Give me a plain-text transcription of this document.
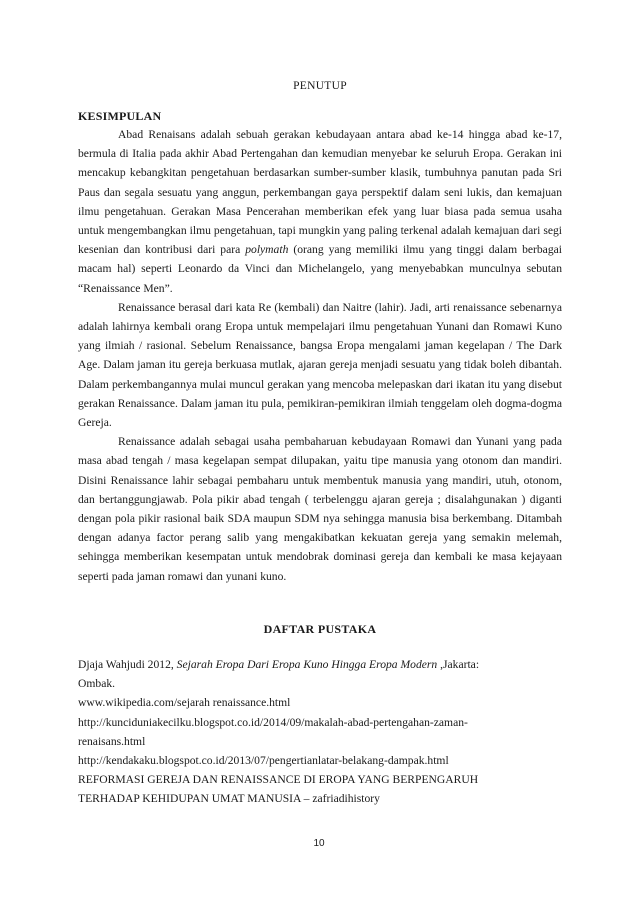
PENUTUP
KESIMPULAN

Abad Renaisans adalah sebuah gerakan kebudayaan antara abad ke-14 hingga abad ke-17, bermula di Italia pada akhir Abad Pertengahan dan kemudian menyebar ke seluruh Eropa. Gerakan ini mencakup kebangkitan pengetahuan berdasarkan sumber-sumber klasik, tumbuhnya panutan pada Sri Paus dan segala sesuatu yang anggun, perkembangan gaya perspektif dalam seni lukis, dan kemajuan ilmu pengetahuan. Gerakan Masa Pencerahan memberikan efek yang luar biasa pada semua usaha untuk mengembangkan ilmu pengetahuan, tapi mungkin yang paling terkenal adalah kemajuan dari segi kesenian dan kontribusi dari para polymath (orang yang memiliki ilmu yang tinggi dalam berbagai macam hal) seperti Leonardo da Vinci dan Michelangelo, yang menyebabkan munculnya sebutan “Renaissance Men”.

Renaissance berasal dari kata Re (kembali) dan Naitre (lahir). Jadi, arti renaissance sebenarnya adalah lahirnya kembali orang Eropa untuk mempelajari ilmu pengetahuan Yunani dan Romawi Kuno yang ilmiah / rasional. Sebelum Renaissance, bangsa Eropa mengalami jaman kegelapan / The Dark Age. Dalam jaman itu gereja berkuasa mutlak, ajaran gereja menjadi sesuatu yang tidak boleh dibantah. Dalam perkembangannya mulai muncul gerakan yang mencoba melepaskan dari ikatan itu yang disebut gerakan Renaissance. Dalam jaman itu pula, pemikiran-pemikiran ilmiah tenggelam oleh dogma-dogma Gereja.

Renaissance adalah sebagai usaha pembaharuan kebudayaan Romawi dan Yunani yang pada masa abad tengah / masa kegelapan sempat dilupakan, yaitu tipe manusia yang otonom dan mandiri. Disini Renaissance lahir sebagai pembaharu untuk membentuk manusia yang mandiri, utuh, otonom, dan bertanggungjawab. Pola pikir abad tengah ( terbelenggu ajaran gereja ; disalahgunakan ) diganti dengan pola pikir rasional baik SDA maupun SDM nya sehingga manusia bisa berkembang. Ditambah dengan adanya factor perang salib yang mengakibatkan kekuatan gereja yang semakin melemah, sehingga memberikan kesempatan untuk mendobrak dominasi gereja dan kembali ke masa kejayaan seperti pada jaman romawi dan yunani kuno.

DAFTAR PUSTAKA
Djaja Wahjudi 2012, Sejarah Eropa Dari Eropa Kuno Hingga Eropa Modern ,Jakarta:
Ombak.
www.wikipedia.com/sejarah renaissance.html
http://kunciduniakecilku.blogspot.co.id/2014/09/makalah-abad-pertengahan-zaman-
renaisans.html
http://kendakaku.blogspot.co.id/2013/07/pengertianlatar-belakang-dampak.html
REFORMASI GEREJA DAN RENAISSANCE DI EROPA YANG BERPENGARUH
TERHADAP KEHIDUPAN UMAT MANUSIA – zafriadihistory
10
